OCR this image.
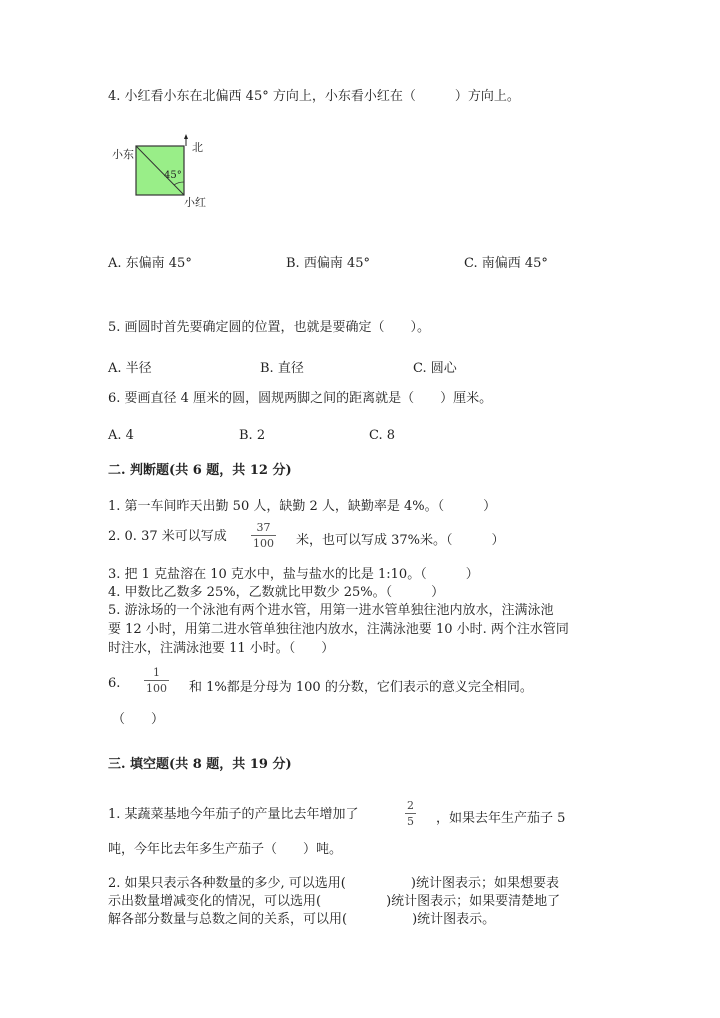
4. 小红看小东在北偏西 45° 方向上，小东看小红在（　　　）方向上。
小东
北
45°
小红
A. 东偏南 45°	B. 西偏南 45°	C. 南偏西 45°
5. 画圆时首先要确定圆的位置，也就是要确定（　　）。
A. 半径	B. 直径	C. 圆心
6. 要画直径 4 厘米的圆，圆规两脚之间的距离就是（　　）厘米。
A. 4	B. 2	C. 8
二. 判断题(共 6 题，共 12 分)
1. 第一车间昨天出勤 50 人，缺勤 2 人，缺勤率是 4%。（　　　）
2. 0. 37 米可以写成
37
100 米，也可以写成 37%米。（　　　）
3. 把 1 克盐溶在 10 克水中，盐与盐水的比是 1:10。（　　　）
4. 甲数比乙数多 25%，乙数就比甲数少 25%。（　　　）
5. 游泳场的一个泳池有两个进水管，用第一进水管单独往池内放水，注满泳池
要 12 小时，用第二进水管单独往池内放水，注满泳池要 10 小时. 两个注水管同
时注水，注满泳池要 11 小时。（　　）
6.
1
100 和 1%都是分母为 100 的分数，它们表示的意义完全相同。
（　　）
三. 填空题(共 8 题，共 19 分)
1. 某蔬菜基地今年茄子的产量比去年增加了
2
5 ，如果去年生产茄子 5
吨，今年比去年多生产茄子（　　）吨。
2. 如果只表示各种数量的多少, 可以选用(　　　　　)统计图表示；如果想要表
示出数量增减变化的情况，可以选用(　　　　　)统计图表示；如果要清楚地了
解各部分数量与总数之间的关系，可以用(　　　　　)统计图表示。
